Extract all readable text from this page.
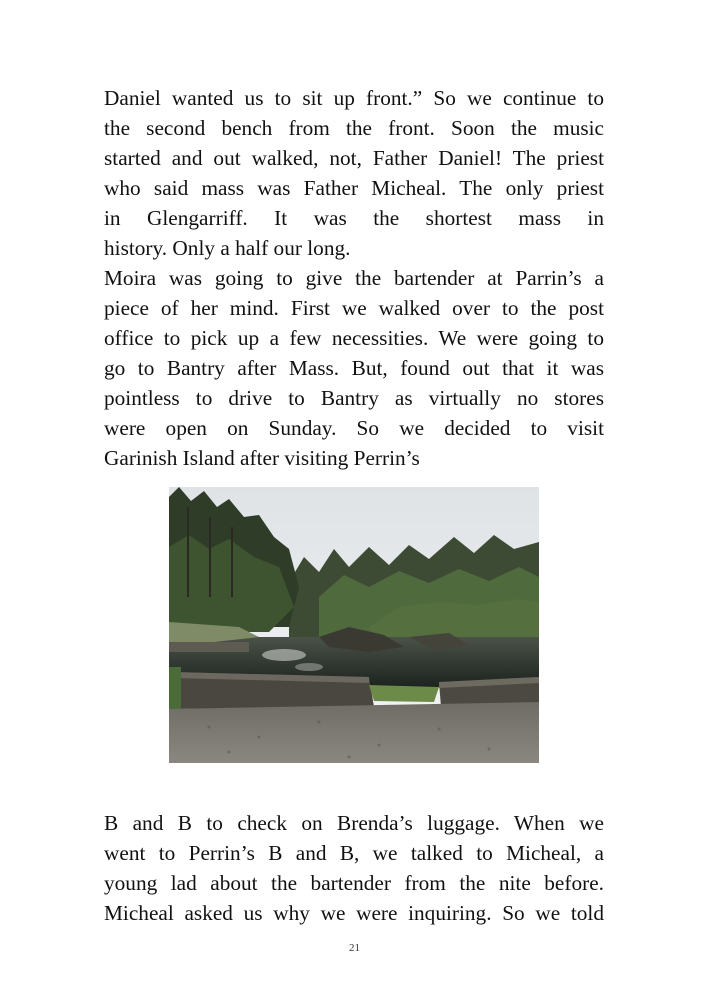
Daniel wanted us to sit up front.” So we continue to
the second bench from the front. Soon the music
started and out walked, not, Father Daniel! The priest
who said mass was Father Micheal. The only priest
in Glengarriff. It was the shortest mass in
history. Only a half our long.
Moira was going to give the bartender at Parrin’s a
piece of her mind. First we walked over to the post
office to pick up a few necessities. We were going to
go to Bantry after Mass. But, found out that it was
pointless to drive to Bantry as virtually no stores
were open on Sunday. So we decided to visit
Garinish Island after visiting Perrin’s
B and B to check on Brenda’s luggage. When we
went to Perrin’s B and B, we talked to Micheal, a
young lad about the bartender from the nite before.
Micheal asked us why we were inquiring. So we told
21
